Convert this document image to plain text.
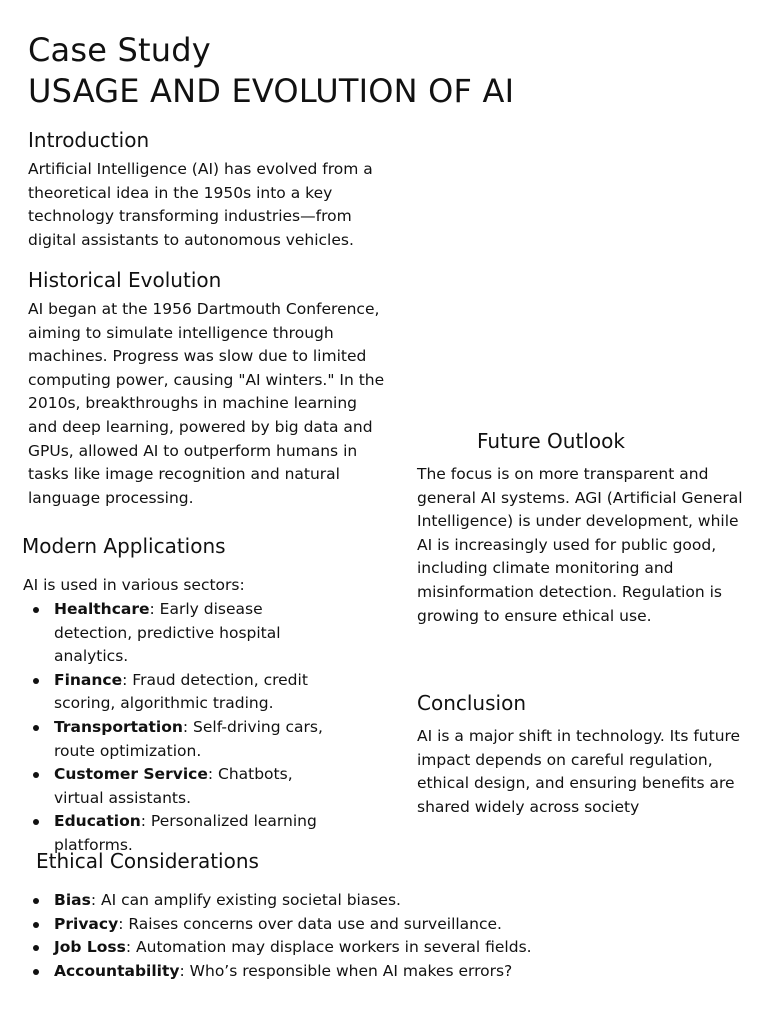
Case Study
USAGE AND EVOLUTION OF AI
Introduction
Artificial Intelligence (AI) has evolved from a theoretical idea in the 1950s into a key technology transforming industries—from digital assistants to autonomous vehicles.
Historical Evolution
AI began at the 1956 Dartmouth Conference, aiming to simulate intelligence through machines. Progress was slow due to limited computing power, causing "AI winters." In the 2010s, breakthroughs in machine learning and deep learning, powered by big data and GPUs, allowed AI to outperform humans in tasks like image recognition and natural language processing.
Modern Applications
AI is used in various sectors:
Healthcare: Early disease detection, predictive hospital analytics.
Finance: Fraud detection, credit scoring, algorithmic trading.
Transportation: Self-driving cars, route optimization.
Customer Service: Chatbots, virtual assistants.
Education: Personalized learning platforms.
Ethical Considerations
Bias: AI can amplify existing societal biases.
Privacy: Raises concerns over data use and surveillance.
Job Loss: Automation may displace workers in several fields.
Accountability: Who’s responsible when AI makes errors?
Future Outlook
The focus is on more transparent and general AI systems. AGI (Artificial General Intelligence) is under development, while AI is increasingly used for public good, including climate monitoring and misinformation detection. Regulation is growing to ensure ethical use.
Conclusion
AI is a major shift in technology. Its future impact depends on careful regulation, ethical design, and ensuring benefits are shared widely across society
